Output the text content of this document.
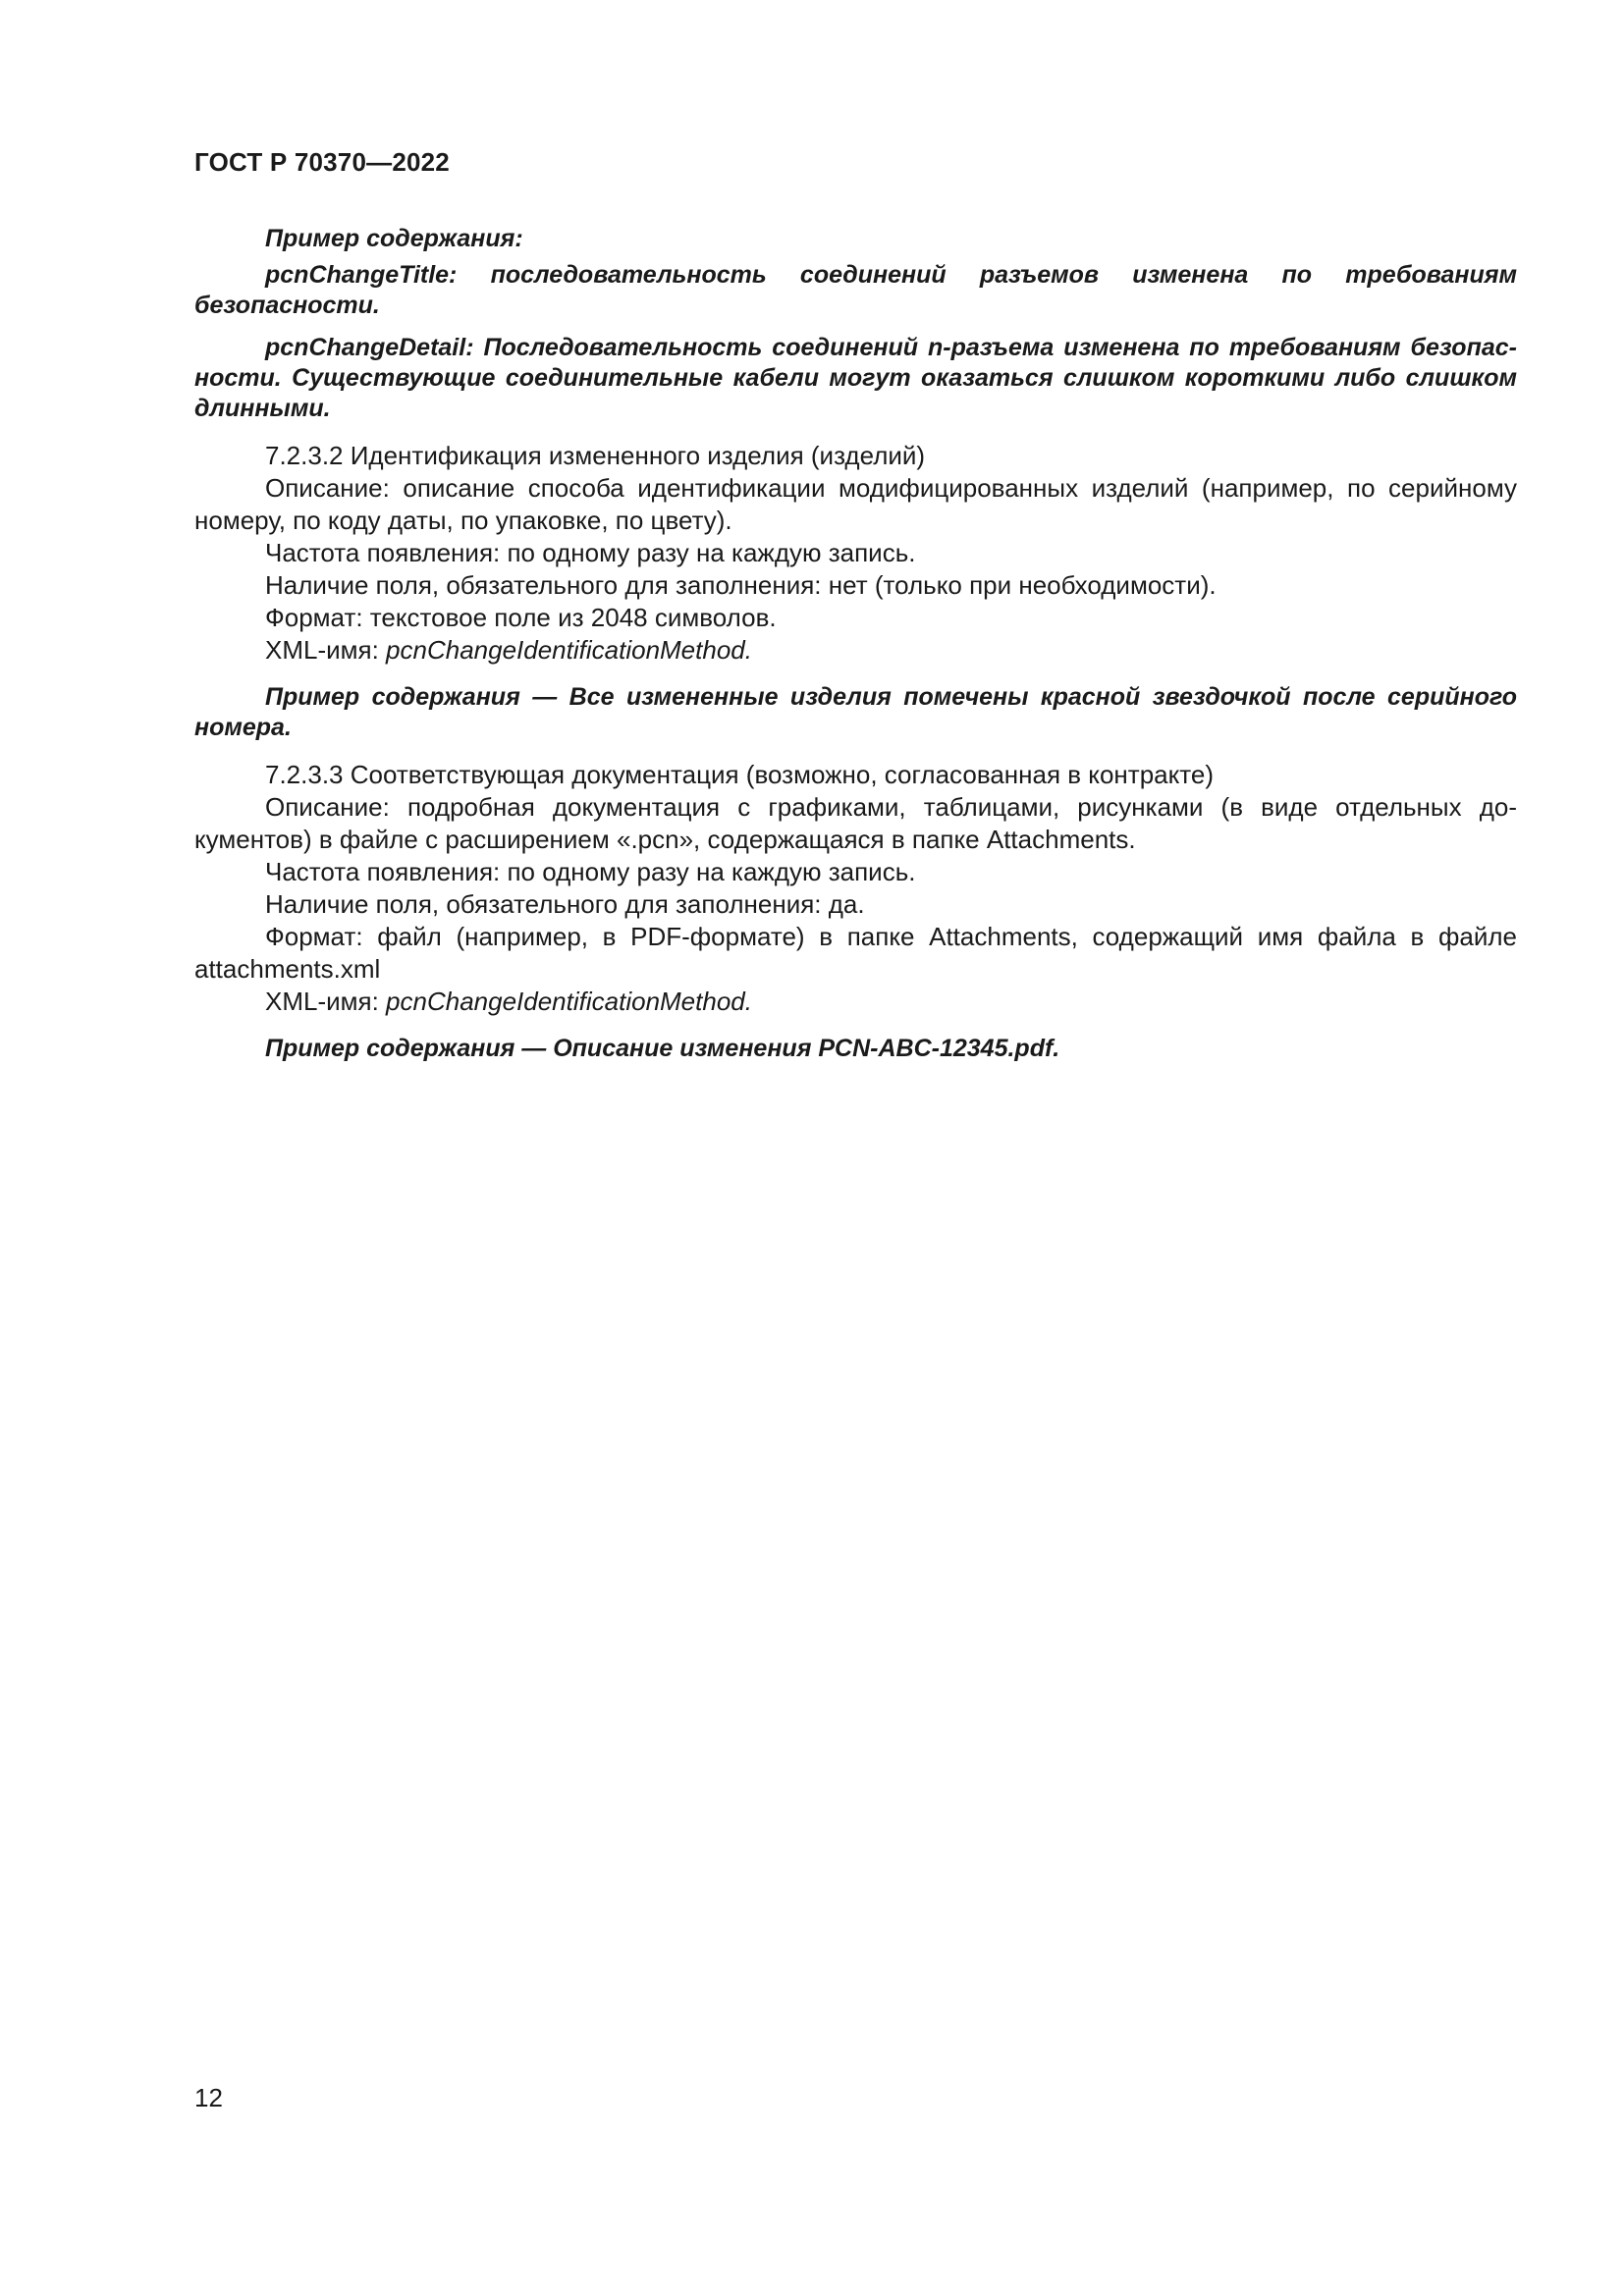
ГОСТ Р 70370—2022

Пример содержания:

pcnChangeTitle: последовательность соединений разъемов изменена по требованиям безопасности.

pcnChangeDetail: Последовательность соединений n-разъема изменена по требованиям безопасности. Существующие соединительные кабели могут оказаться слишком короткими либо слишком длинными.

7.2.3.2 Идентификация измененного изделия (изделий)

Описание: описание способа идентификации модифицированных изделий (например, по серийному номеру, по коду даты, по упаковке, по цвету).

Частота появления: по одному разу на каждую запись.

Наличие поля, обязательного для заполнения: нет (только при необходимости).

Формат: текстовое поле из 2048 символов.

XML-имя: pcnChangeIdentificationMethod.

Пример содержания — Все измененные изделия помечены красной звездочкой после серийного номера.

7.2.3.3 Соответствующая документация (возможно, согласованная в контракте)

Описание: подробная документация с графиками, таблицами, рисунками (в виде отдельных документов) в файле с расширением «.pcn», содержащаяся в папке Attachments.

Частота появления: по одному разу на каждую запись.

Наличие поля, обязательного для заполнения: да.

Формат: файл (например, в PDF-формате) в папке Attachments, содержащий имя файла в файле attachments.xml

XML-имя: pcnChangeIdentificationMethod.

Пример содержания — Описание изменения PCN-ABC-12345.pdf.

12
